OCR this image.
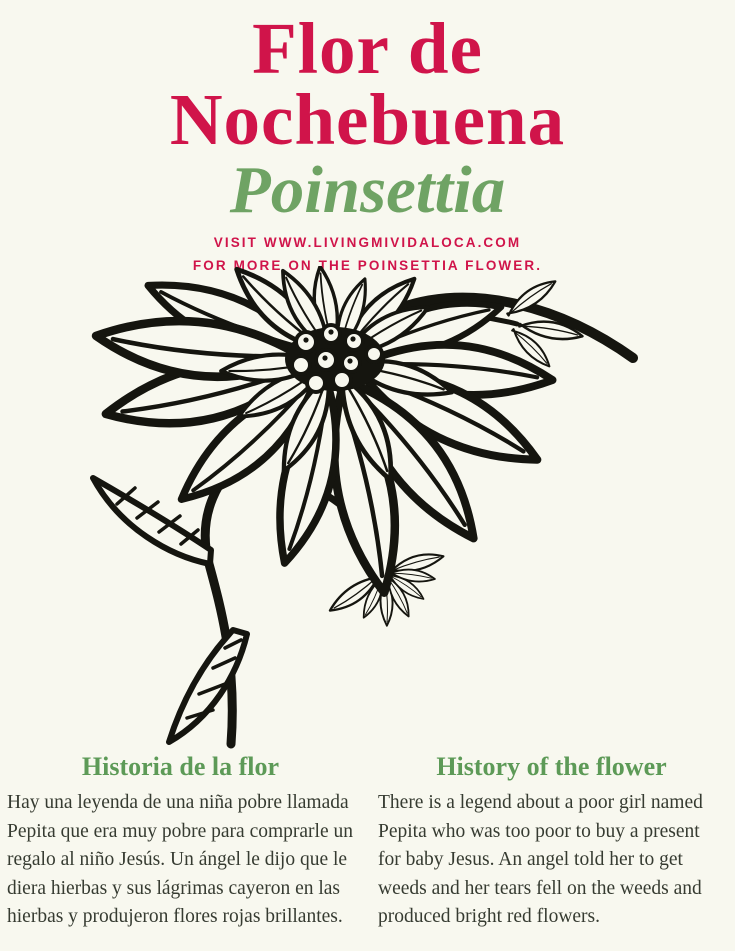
Flor de
Nochebuena
Poinsettia
VISIT WWW.LIVINGMIVIDALOCA.COM
FOR MORE ON THE POINSETTIA FLOWER.
Historia de la flor

Hay una leyenda de una niña pobre llamada Pepita que era muy pobre para comprarle un regalo al niño Jesús. Un ángel le dijo que le diera hierbas y sus lágrimas cayeron en las hierbas y produjeron flores rojas brillantes.

History of the flower

There is a legend about a poor girl named Pepita who was too poor to buy a present for baby Jesus. An angel told her to get weeds and her tears fell on the weeds and produced bright red flowers.
